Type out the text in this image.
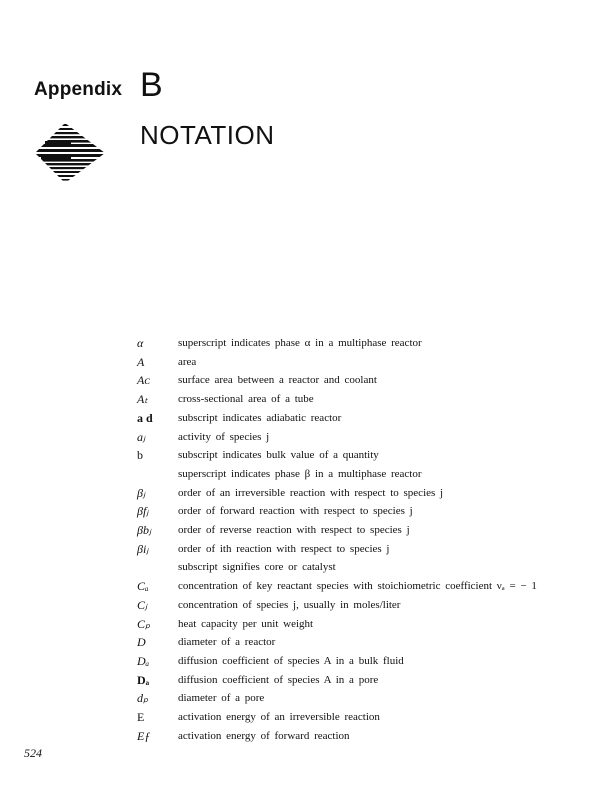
Appendix B
NOTATION
α	superscript indicates phase α in a multiphase reactor
A	area
Aᴄ	surface area between a reactor and coolant
Aₜ	cross-sectional area of a tube
a d	subscript indicates adiabatic reactor
aⱼ	activity of species j
b	subscript indicates bulk value of a quantity
superscript indicates phase β in a multiphase reactor
βⱼ	order of an irreversible reaction with respect to species j
βfⱼ	order of forward reaction with respect to species j
βbⱼ	order of reverse reaction with respect to species j
βiⱼ	order of ith reaction with respect to species j
subscript signifies core or catalyst
Cₐ	concentration of key reactant species with stoichiometric coefficient νₐ = − 1
Cⱼ	concentration of species j, usually in moles/liter
Cₚ	heat capacity per unit weight
D	diameter of a reactor
Dₐ	diffusion coefficient of species A in a bulk fluid
Dₐ	diffusion coefficient of species A in a pore
dₚ	diameter of a pore
E	activation energy of an irreversible reaction
Eƒ	activation energy of forward reaction
524
